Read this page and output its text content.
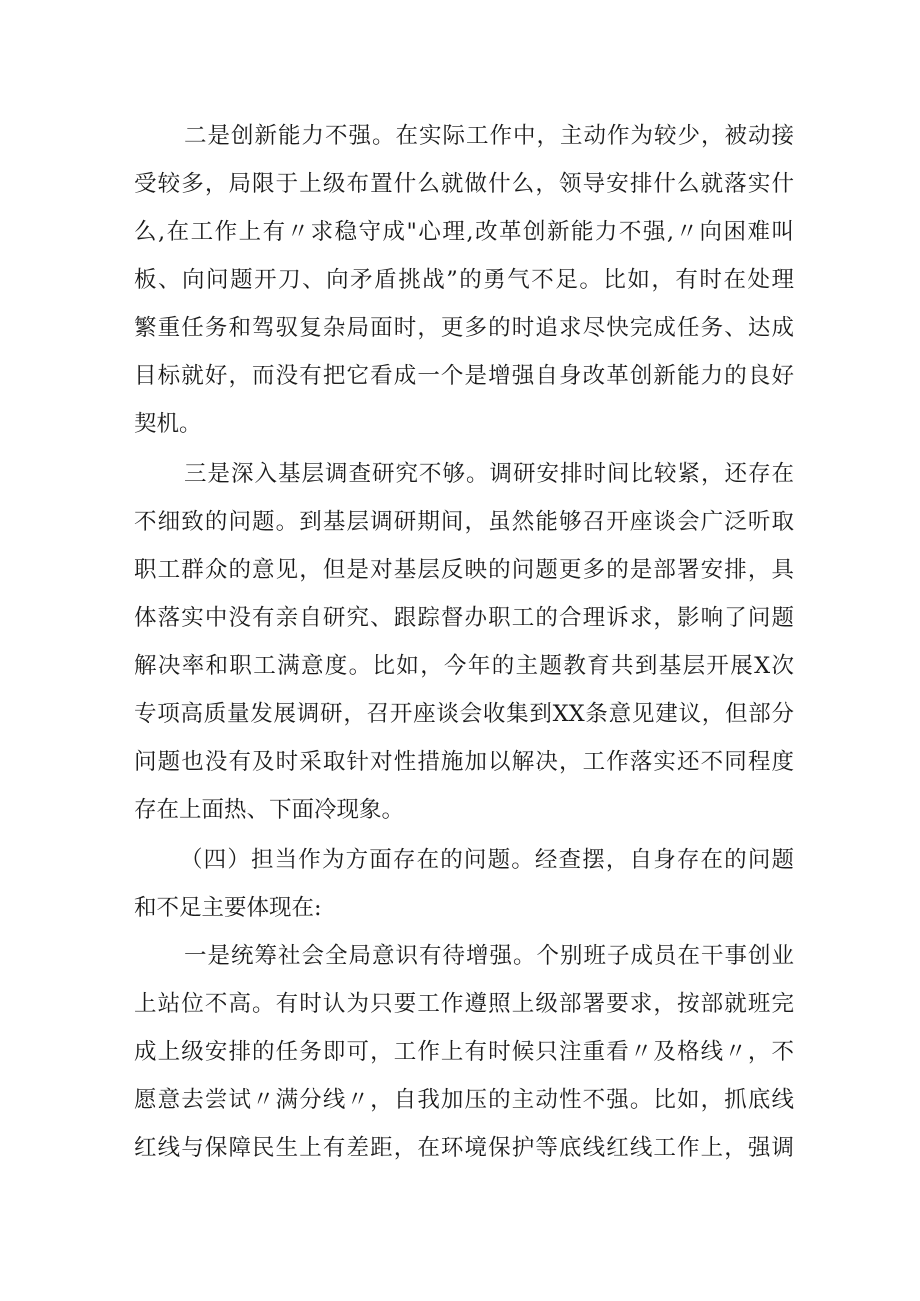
二是创新能力不强。在实际工作中，主动作为较少，被动接
受较多，局限于上级布置什么就做什么，领导安排什么就落实什
么,在工作上有〃求稳守成"心理,改革创新能力不强,〃向困难叫
板、向问题开刀、向矛盾挑战”的勇气不足。比如，有时在处理
繁重任务和驾驭复杂局面时，更多的时追求尽快完成任务、达成
目标就好，而没有把它看成一个是增强自身改革创新能力的良好
契机。
三是深入基层调查研究不够。调研安排时间比较紧，还存在
不细致的问题。到基层调研期间，虽然能够召开座谈会广泛听取
职工群众的意见，但是对基层反映的问题更多的是部署安排，具
体落实中没有亲自研究、跟踪督办职工的合理诉求，影响了问题
解决率和职工满意度。比如，今年的主题教育共到基层开展X次
专项高质量发展调研，召开座谈会收集到XX条意见建议，但部分
问题也没有及时采取针对性措施加以解决，工作落实还不同程度
存在上面热、下面冷现象。
（四）担当作为方面存在的问题。经查摆，自身存在的问题
和不足主要体现在:
一是统筹社会全局意识有待增强。个别班子成员在干事创业
上站位不高。有时认为只要工作遵照上级部署要求，按部就班完
成上级安排的任务即可，工作上有时候只注重看〃及格线〃，不
愿意去尝试〃满分线〃，自我加压的主动性不强。比如，抓底线
红线与保障民生上有差距，在环境保护等底线红线工作上，强调
